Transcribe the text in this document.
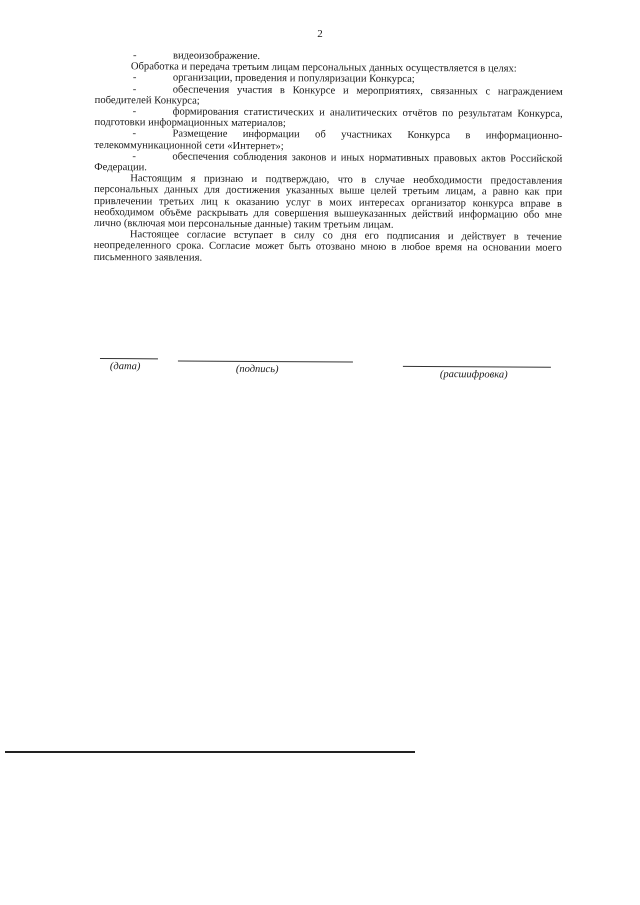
2
-	видеоизображение.
Обработка и передача третьим лицам персональных данных осуществляется в целях:
-	организации, проведения и популяризации Конкурса;
-	обеспечения участия в Конкурсе и мероприятиях, связанных с награждением победителей Конкурса;
-	формирования статистических и аналитических отчётов по результатам Конкурса, подготовки информационных материалов;
-	Размещение информации об участниках Конкурса в информационно-телекоммуникационной сети «Интернет»;
-	обеспечения соблюдения законов и иных нормативных правовых актов Российской Федерации.
Настоящим я признаю и подтверждаю, что в случае необходимости предоставления персональных данных для достижения указанных выше целей третьим лицам, а равно как при привлечении третьих лиц к оказанию услуг в моих интересах организатор конкурса вправе в необходимом объёме раскрывать для совершения вышеуказанных действий информацию обо мне лично (включая мои персональные данные) таким третьим лицам.
Настоящее согласие вступает в силу со дня его подписания и действует в течение неопределенного срока. Согласие может быть отозвано мною в любое время на основании моего письменного заявления.
(дата)	(подпись)	(расшифровка)
